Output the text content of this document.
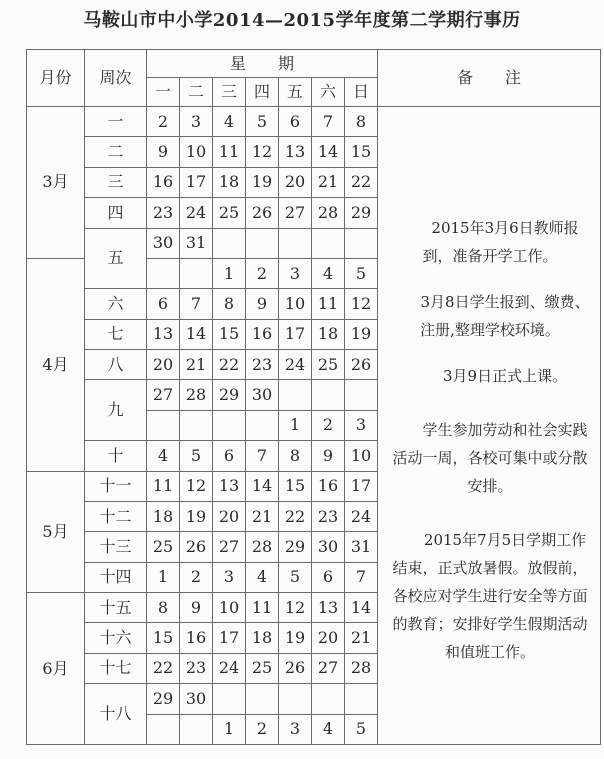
马鞍山市中小学2014—2015学年度第二学期行事历
月份	周次	星　　期							备　　注
		一	二	三	四	五	六	日	
3月	一	2	3	4	5	6	7	8	2015年3月6日教师报到，准备开学工作。

3月8日学生报到、缴费、注册,整理学校环境。

3月9日正式上课。

学生参加劳动和社会实践活动一周，各校可集中或分散安排。

2015年7月5日学期工作结束，正式放暑假。放假前，各校应对学生进行安全等方面的教育；安排好学生假期活动和值班工作。

	二	9	10	11	12	13	14	15	
	三	16	17	18	19	20	21	22	
	四	23	24	25	26	27	28	29	
	五	30	31						
4月				1	2	3	4	5	
	六	6	7	8	9	10	11	12	
	七	13	14	15	16	17	18	19	
	八	20	21	22	23	24	25	26	
	九	27	28	29	30				
						1	2	3	
	十	4	5	6	7	8	9	10	
5月	十一	11	12	13	14	15	16	17	
	十二	18	19	20	21	22	23	24	
	十三	25	26	27	28	29	30	31	
	十四	1	2	3	4	5	6	7	
6月	十五	8	9	10	11	12	13	14	
	十六	15	16	17	18	19	20	21	
	十七	22	23	24	25	26	27	28	
	十八	29	30						
				1	2	3	4	5	
